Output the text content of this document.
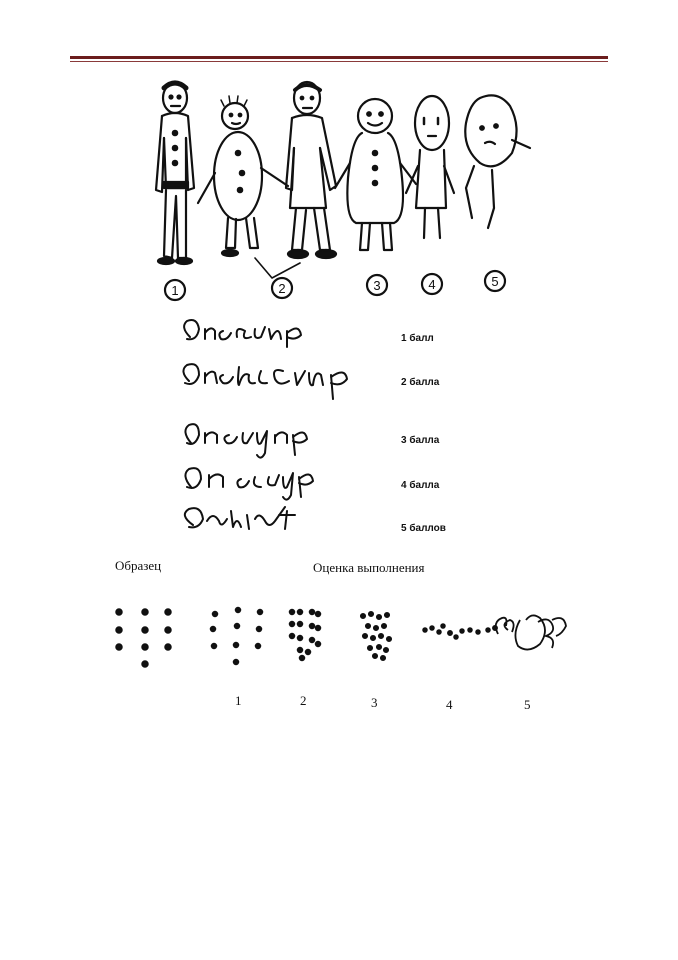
1	2	3	4	5
1 балл
2 балла
3 балла
4 балла
5 баллов
Образец	Оценка выполнения
1	2	3	4	5
